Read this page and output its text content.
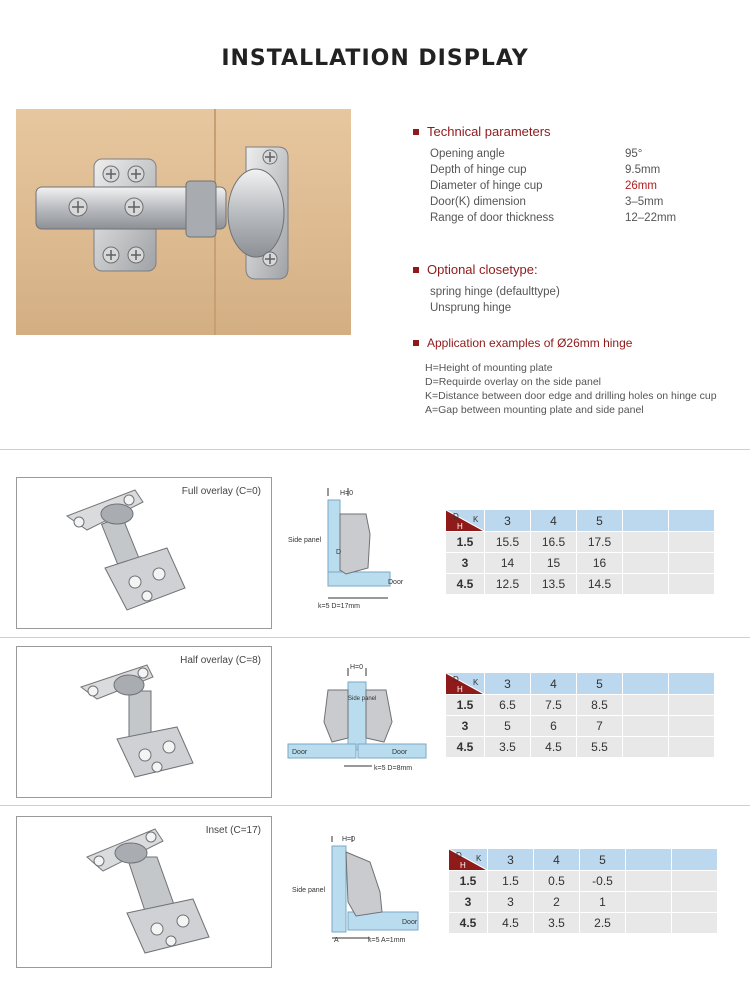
INSTALLATION DISPLAY
Technical parameters
Opening angle	95°
Depth of hinge cup	9.5mm
Diameter of hinge cup	26mm
Door(K) dimension	3–5mm
Range of door thickness	12–22mm
Optional closetype:
spring hinge (defaulttype)
Unsprung hinge
Application examples of Ø26mm hinge
H=Height of mounting plate
D=Requirde overlay on the side panel
K=Distance between door edge and drilling holes on hinge cup
A=Gap between mounting plate and side panel
Full overlay (C=0)	H=0
Side panel
D
Door
k=5 D=17mm
D
H
K	3	4	5		
1.5	15.5	16.5	17.5		
3	14	15	16		
4.5	12.5	13.5	14.5		
Half overlay (C=8)
H=0
Side panel
Door	Door
k=5 D=8mm
D
H
K	3	4	5		
1.5	6.5	7.5	8.5		
3	5	6	7		
4.5	3.5	4.5	5.5		
Inset (C=17)
H=0
Side panel
A
Door
k=5 A=1mm
D
H
K	3	4	5		
1.5	1.5	0.5	-0.5		
3	3	2	1		
4.5	4.5	3.5	2.5		
